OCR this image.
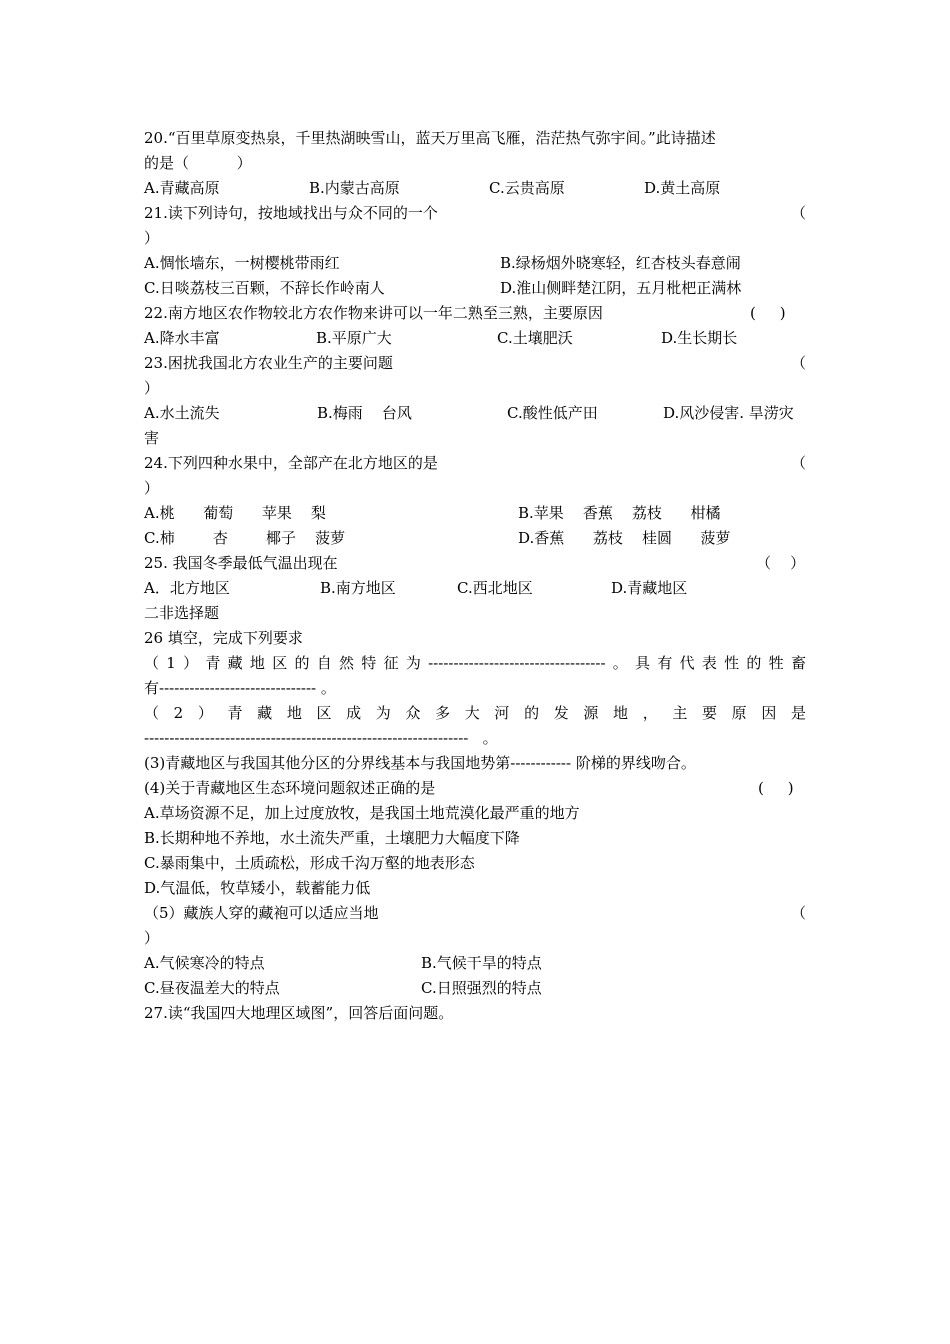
20.“百里草原变热泉，千里热湖映雪山，蓝天万里高飞雁，浩茫热气弥宇间。”此诗描述
的是（          ）
A.青藏高原	B.内蒙古高原	C.云贵高原	D.黄土高原
21.读下列诗句，按地域找出与众不同的一个	（
）
A.惆怅墙东，一树樱桃带雨红	B.绿杨烟外晓寒轻，红杏枝头春意闹
C.日啖荔枝三百颗，不辞长作岭南人	D.淮山侧畔楚江阴，五月枇杷正满林
22.南方地区农作物较北方农作物来讲可以一年二熟至三熟，主要原因	(     )
A.降水丰富	B.平原广大	C.土壤肥沃	D.生长期长
23.困扰我国北方农业生产的主要问题	（
）
A.水土流失	B.梅雨    台风	C.酸性低产田	D.风沙侵害. 旱涝灾
害
24.下列四种水果中，全部产在北方地区的是	（
）
A.桃      葡萄      苹果    梨	B.苹果    香蕉    荔枝      柑橘
C.柿        杏        椰子    菠萝	D.香蕉      荔枝    桂圆      菠萝
25. 我国冬季最低气温出现在	（    ）
A．北方地区	B.南方地区	C.西北地区	D.青藏地区
二非选择题
26 填空，完成下列要求
（1）青藏地区的自然特征为-----------------------------------。具有代表性的牲畜
有------------------------------- 。
（2）青藏地区成为众多大河的发源地，主要原因是
----------------------------------------------------------------   。
(3)青藏地区与我国其他分区的分界线基本与我国地势第------------ 阶梯的界线吻合。
(4)关于青藏地区生态环境问题叙述正确的是	(     )
A.草场资源不足，加上过度放牧，是我国土地荒漠化最严重的地方
B.长期种地不养地，水土流失严重，土壤肥力大幅度下降
C.暴雨集中，土质疏松，形成千沟万壑的地表形态
D.气温低，牧草矮小，载蓄能力低
（5）藏族人穿的藏袍可以适应当地	（
）
A.气候寒冷的特点	B.气候干旱的特点
C.昼夜温差大的特点	C.日照强烈的特点
27.读“我国四大地理区域图”，回答后面问题。
